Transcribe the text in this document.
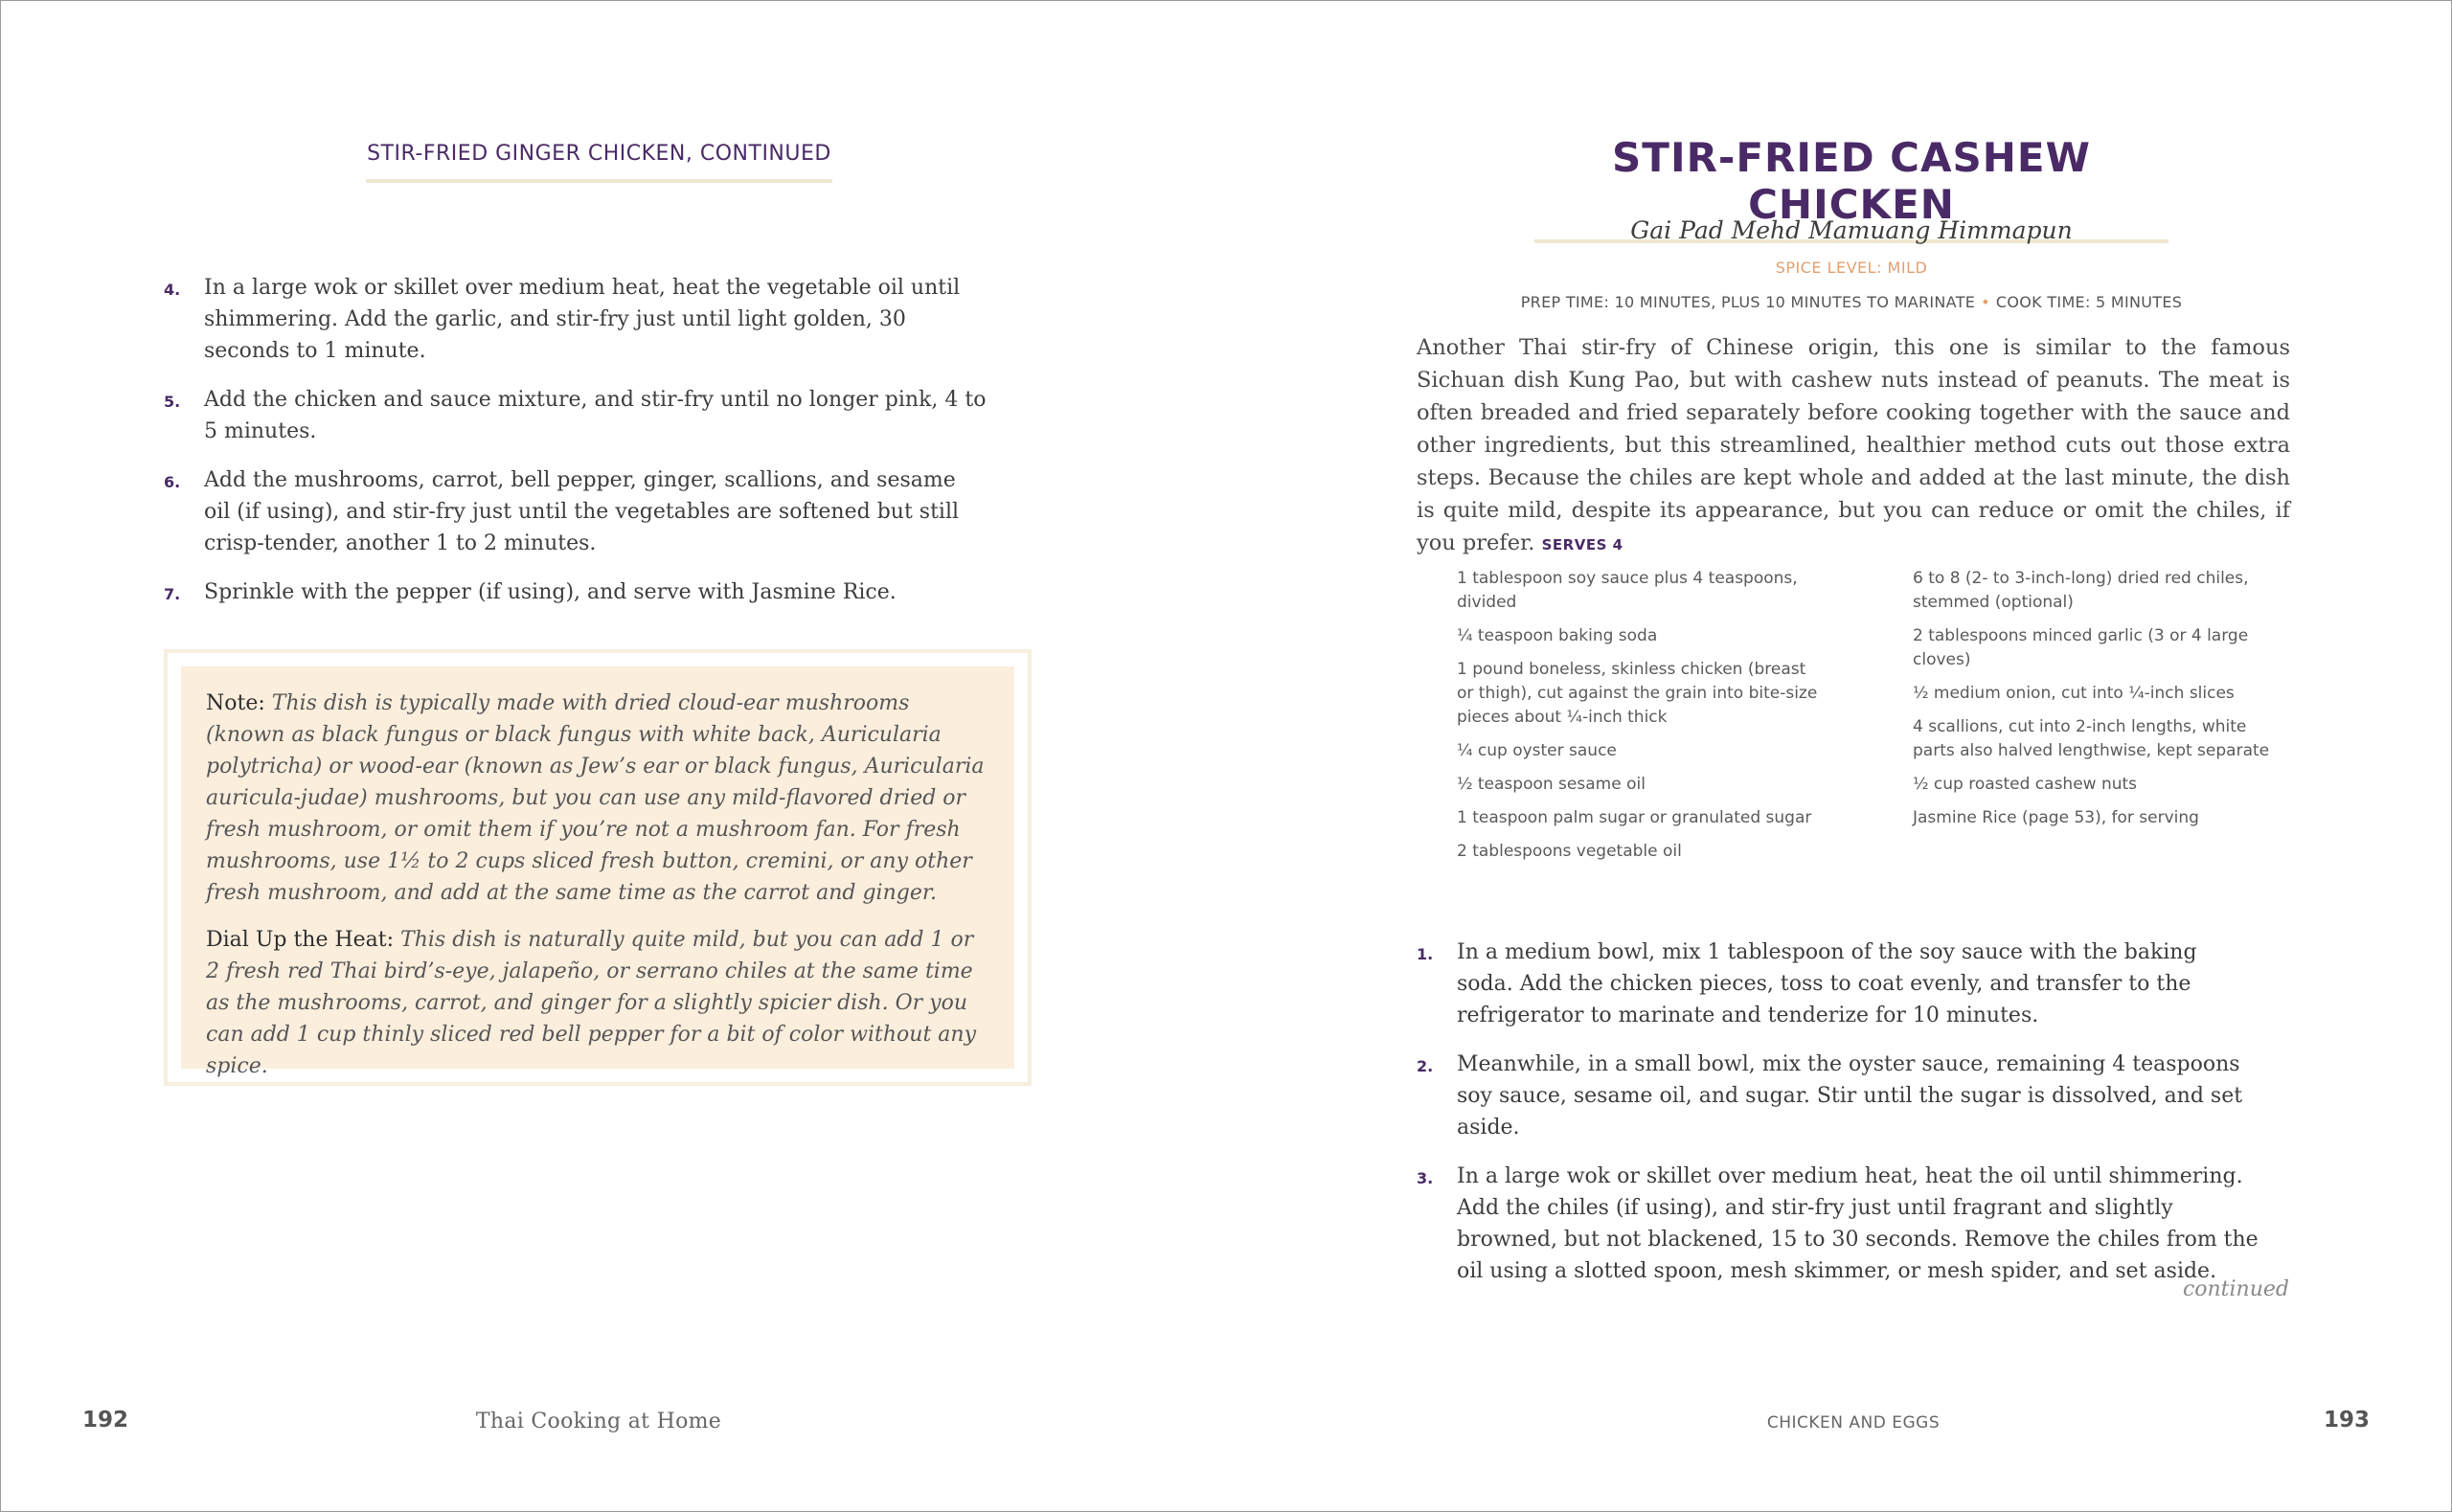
STIR-FRIED GINGER CHICKEN, CONTINUED
4. In a large wok or skillet over medium heat, heat the vegetable oil until shimmering. Add the garlic, and stir-fry just until light golden, 30 seconds to 1 minute.
5. Add the chicken and sauce mixture, and stir-fry until no longer pink, 4 to 5 minutes.
6. Add the mushrooms, carrot, bell pepper, ginger, scallions, and sesame oil (if using), and stir-fry just until the vegetables are softened but still crisp-tender, another 1 to 2 minutes.
7. Sprinkle with the pepper (if using), and serve with Jasmine Rice.

Note: This dish is typically made with dried cloud-ear mushrooms (known as black fungus or black fungus with white back, Auricularia polytricha) or wood-ear (known as Jew’s ear or black fungus, Auricularia auricula-judae) mushrooms, but you can use any mild-flavored dried or fresh mushroom, or omit them if you’re not a mushroom fan. For fresh mushrooms, use 1½ to 2 cups sliced fresh button, cremini, or any other fresh mushroom, and add at the same time as the carrot and ginger.

Dial Up the Heat: This dish is naturally quite mild, but you can add 1 or 2 fresh red Thai bird’s-eye, jalapeño, or serrano chiles at the same time as the mushrooms, carrot, and ginger for a slightly spicier dish. Or you can add 1 cup thinly sliced red bell pepper for a bit of color without any spice.

192	Thai Cooking at Home
STIR-FRIED CASHEW CHICKEN
Gai Pad Mehd Mamuang Himmapun
SPICE LEVEL: MILD
PREP TIME: 10 MINUTES, PLUS 10 MINUTES TO MARINATE • COOK TIME: 5 MINUTES

Another Thai stir-fry of Chinese origin, this one is similar to the famous Sichuan dish Kung Pao, but with cashew nuts instead of peanuts. The meat is often breaded and fried separately before cooking together with the sauce and other ingredients, but this streamlined, healthier method cuts out those extra steps. Because the chiles are kept whole and added at the last minute, the dish is quite mild, despite its appearance, but you can reduce or omit the chiles, if you prefer. SERVES 4

1 tablespoon soy sauce plus 4 teaspoons, divided
¼ teaspoon baking soda
1 pound boneless, skinless chicken (breast or thigh), cut against the grain into bite-size pieces about ¼-inch thick
¼ cup oyster sauce
½ teaspoon sesame oil
1 teaspoon palm sugar or granulated sugar
2 tablespoons vegetable oil
6 to 8 (2- to 3-inch-long) dried red chiles, stemmed (optional)
2 tablespoons minced garlic (3 or 4 large cloves)
½ medium onion, cut into ¼-inch slices
4 scallions, cut into 2-inch lengths, white parts also halved lengthwise, kept separate
½ cup roasted cashew nuts
Jasmine Rice (page 53), for serving
1. In a medium bowl, mix 1 tablespoon of the soy sauce with the baking soda. Add the chicken pieces, toss to coat evenly, and transfer to the refrigerator to marinate and tenderize for 10 minutes.
2. Meanwhile, in a small bowl, mix the oyster sauce, remaining 4 teaspoons soy sauce, sesame oil, and sugar. Stir until the sugar is dissolved, and set aside.
3. In a large wok or skillet over medium heat, heat the oil until shimmering. Add the chiles (if using), and stir-fry just until fragrant and slightly browned, but not blackened, 15 to 30 seconds. Remove the chiles from the oil using a slotted spoon, mesh skimmer, or mesh spider, and set aside.
continued
CHICKEN AND EGGS	193
